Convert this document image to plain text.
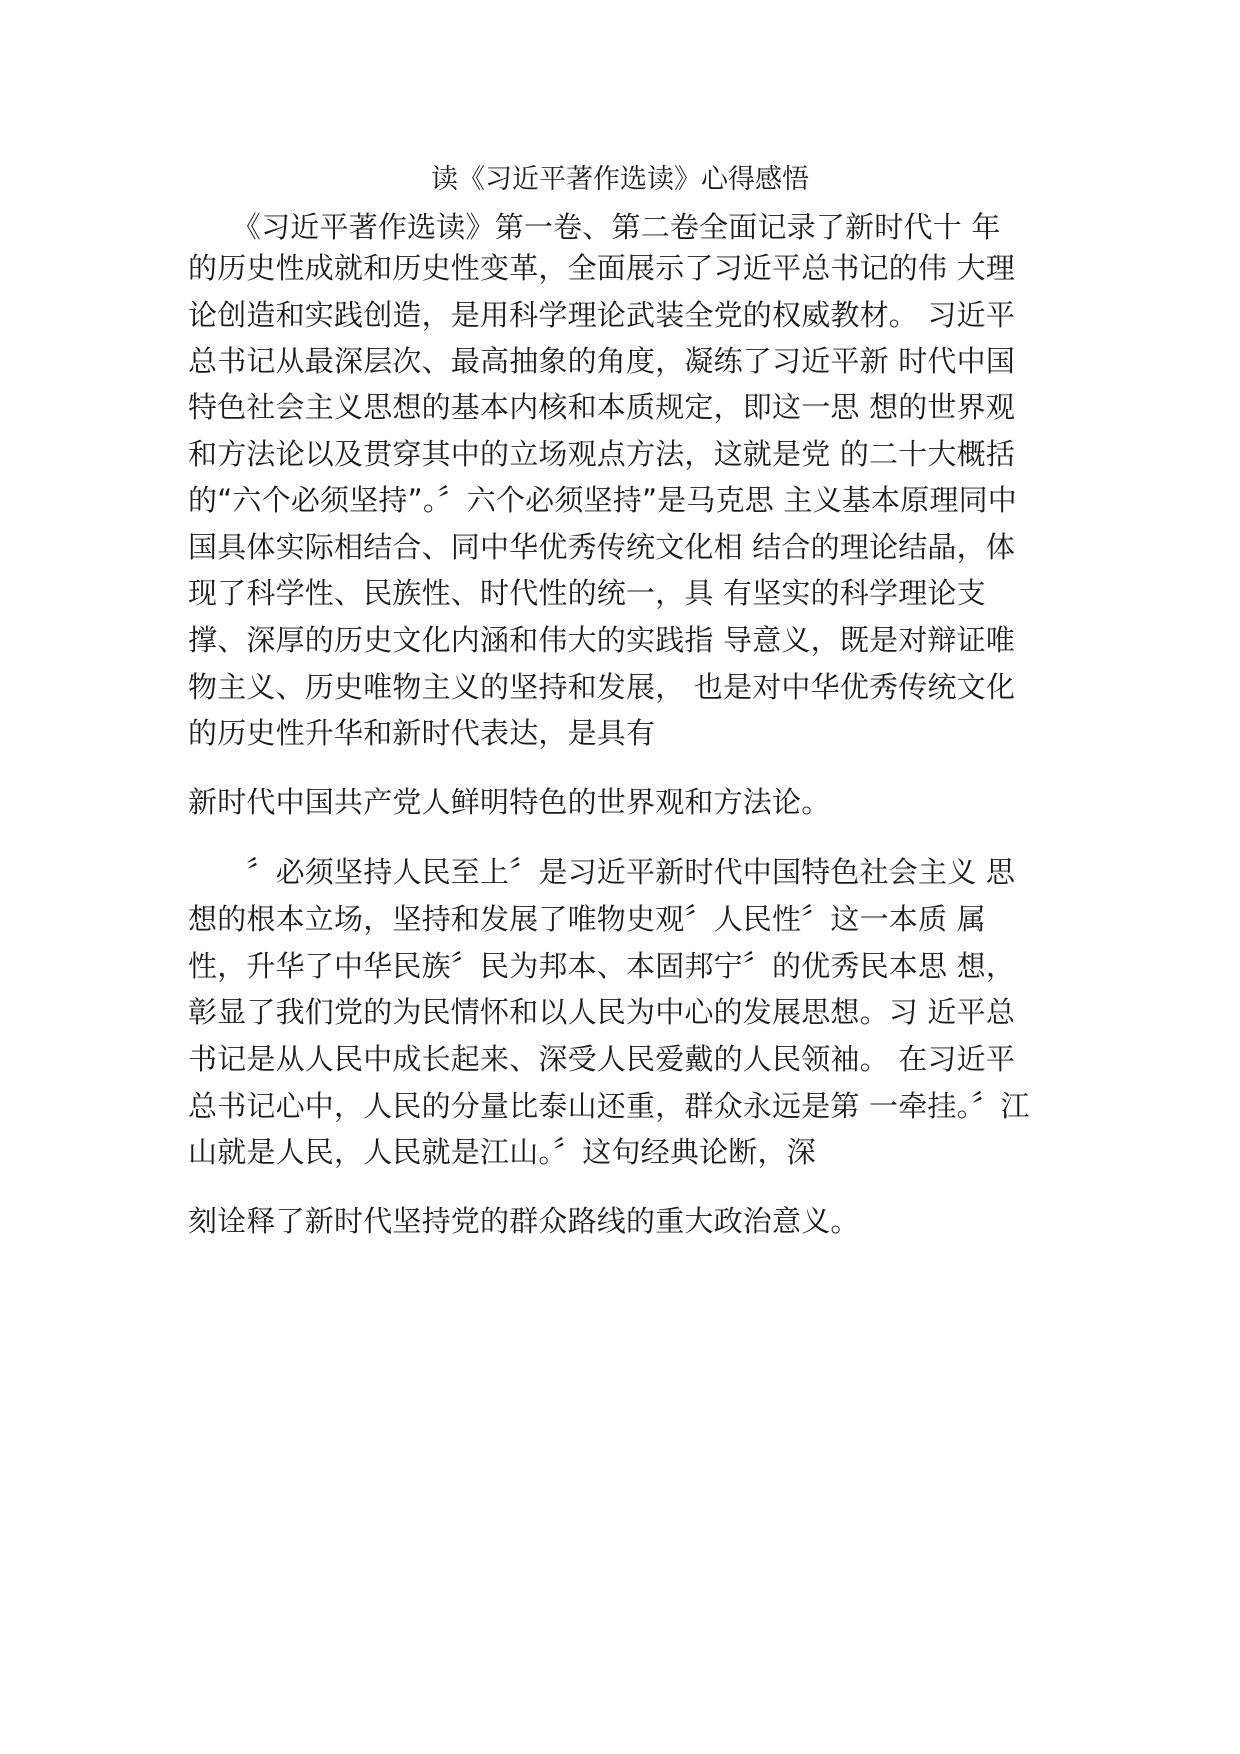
读《习近平著作选读》心得感悟
　　《习近平著作选读》第一卷、第二卷全面记录了新时代十 年
的历史性成就和历史性变革，全面展示了习近平总书记的伟 大理
论创造和实践创造，是用科学理论武装全党的权威教材。 习近平
总书记从最深层次、最高抽象的角度，凝练了习近平新 时代中国
特色社会主义思想的基本内核和本质规定，即这一思 想的世界观
和方法论以及贯穿其中的立场观点方法，这就是党 的二十大概括
的“六个必须坚持”。〞六个必须坚持”是马克思 主义基本原理同中
国具体实际相结合、同中华优秀传统文化相 结合的理论结晶，体
现了科学性、民族性、时代性的统一，具 有坚实的科学理论支
撑、深厚的历史文化内涵和伟大的实践指 导意义，既是对辩证唯
物主义、历史唯物主义的坚持和发展， 也是对中华优秀传统文化
的历史性升华和新时代表达，是具有
新时代中国共产党人鲜明特色的世界观和方法论。
　　〞必须坚持人民至上〞是习近平新时代中国特色社会主义 思
想的根本立场，坚持和发展了唯物史观〞人民性〞这一本质 属
性，升华了中华民族〞民为邦本、本固邦宁〞的优秀民本思 想，
彰显了我们党的为民情怀和以人民为中心的发展思想。习 近平总
书记是从人民中成长起来、深受人民爱戴的人民领袖。 在习近平
总书记心中，人民的分量比泰山还重，群众永远是第 一牵挂。〞江
山就是人民，人民就是江山。〞这句经典论断，深
刻诠释了新时代坚持党的群众路线的重大政治意义。
